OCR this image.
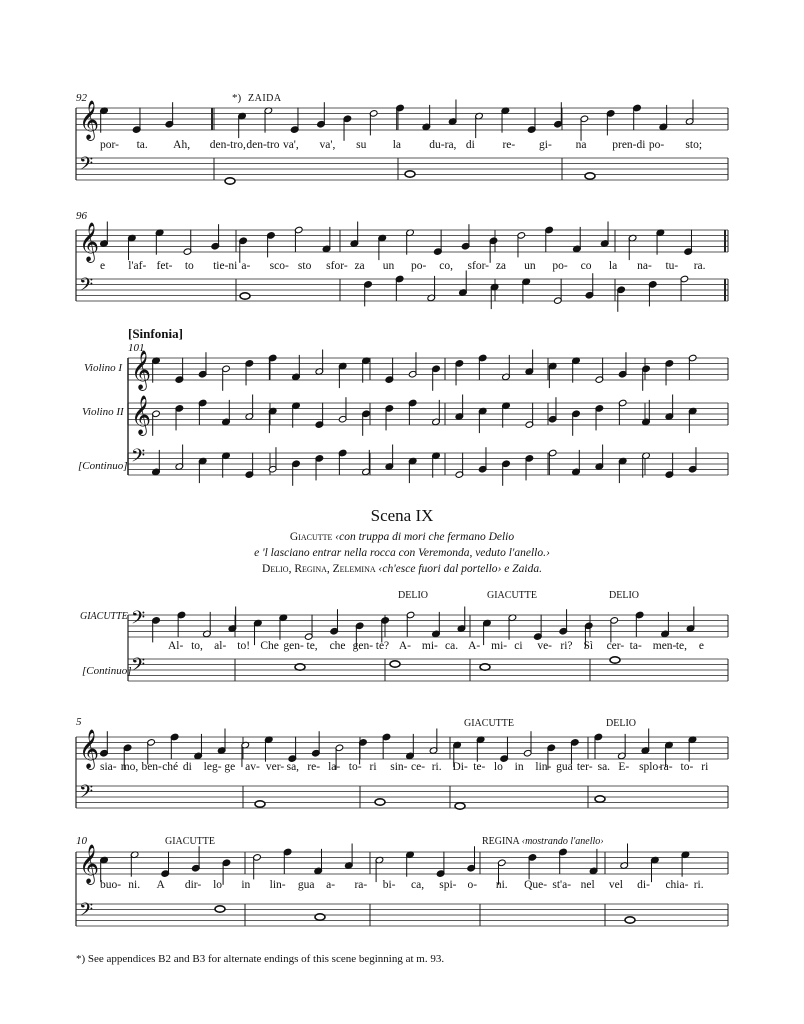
𝄞
𝄢
𝄞
𝄢
𝄞
𝄞
𝄢
𝄢
𝄢
𝄞
𝄢
𝄞
𝄢
92	*) ZAIDA
por- ta. Ah, den-tro, den-tro va', va', su la du-ra, di re- gi- na pren-di po- sto;
96
e l'af- fet- to tie-ni a- sco- sto sfor- za un po- co, sfor- za un po- co la na- tu- ra.
[Sinfonia]
101
Violino I
Violino II
[Continuo]
Scena IX
Giacutte ‹con truppa di mori che fermano Delio
e 'l lasciano entrar nella rocca con Veremonda, veduto l'anello.›
Delio, Regina, Zelemina ‹ch'esce fuori dal portello› e Zaida.
GIACUTTE
[Continuo]
DELIO	GIACUTTE	DELIO
Al- to, al- to! Che gen- te, che gen- te? A- mi- ca. A- mi- ci ve- ri? Sì cer- ta- men- te, e
5	GIACUTTE	DELIO
sia- mo, ben- ché di leg- ge av- ver- sa, re- la- to- ri sin- ce- ri. Di- te- lo in lin- gua ter- sa. E- splo-
ra- to- ri
10	GIACUTTE	REGINA ‹mostrando l'anello›
buo- ni. A dir- lo in lin- gua a- ra- bi- ca, spi- o- ni. Que- st'a- nel vel di- chia- ri.
*) See appendices B2 and B3 for alternate endings of this scene beginning at m. 93.
